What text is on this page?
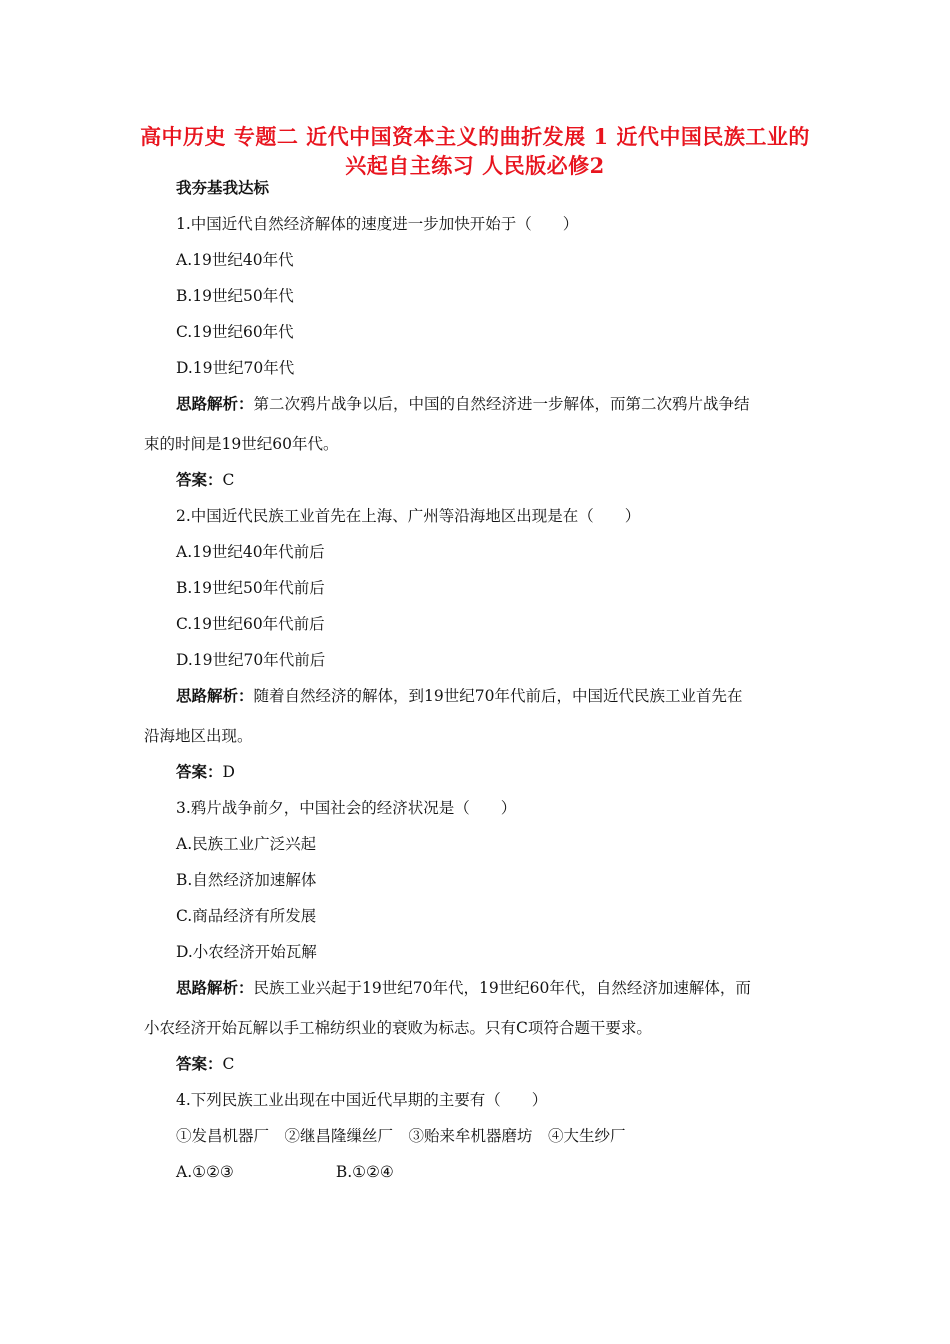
高中历史 专题二 近代中国资本主义的曲折发展 1 近代中国民族工业的兴起自主练习 人民版必修2
我夯基我达标
1.中国近代自然经济解体的速度进一步加快开始于（　　）
A.19世纪40年代
B.19世纪50年代
C.19世纪60年代
D.19世纪70年代
思路解析：第二次鸦片战争以后，中国的自然经济进一步解体，而第二次鸦片战争结
束的时间是19世纪60年代。
答案：C
2.中国近代民族工业首先在上海、广州等沿海地区出现是在（　　）
A.19世纪40年代前后
B.19世纪50年代前后
C.19世纪60年代前后
D.19世纪70年代前后
思路解析：随着自然经济的解体，到19世纪70年代前后，中国近代民族工业首先在
沿海地区出现。
答案：D
3.鸦片战争前夕，中国社会的经济状况是（　　）
A.民族工业广泛兴起
B.自然经济加速解体
C.商品经济有所发展
D.小农经济开始瓦解
思路解析：民族工业兴起于19世纪70年代，19世纪60年代，自然经济加速解体，而
小农经济开始瓦解以手工棉纺织业的衰败为标志。只有C项符合题干要求。
答案：C
4.下列民族工业出现在中国近代早期的主要有（　　）
①发昌机器厂　②继昌隆缫丝厂　③贻来牟机器磨坊　④大生纱厂
A.①②③	B.①②④
